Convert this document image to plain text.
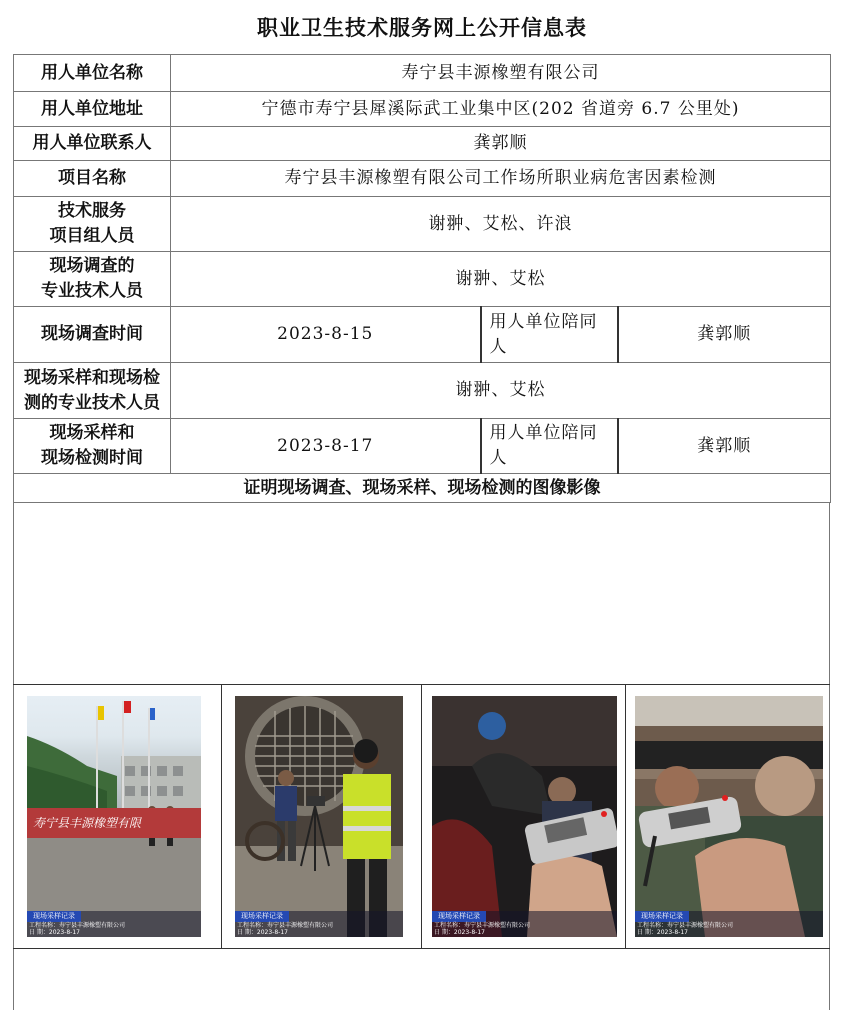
职业卫生技术服务网上公开信息表
用人单位名称	寿宁县丰源橡塑有限公司		
用人单位地址	宁德市寿宁县犀溪际武工业集中区(202 省道旁 6.7 公里处)		
用人单位联系人	龚郭顺		
项目名称	寿宁县丰源橡塑有限公司工作场所职业病危害因素检测		

技术服务
项目组人员	谢翀、艾松、许浪		

现场调查的
专业技术人员	谢翀、艾松		
现场调查时间	2023-8-15	用人单位陪同人	龚郭顺

现场采样和现场检
测的专业技术人员	谢翀、艾松		

现场采样和
现场检测时间	2023-8-17	用人单位陪同人	龚郭顺
证明现场调查、现场采样、现场检测的图像影像			
寿宁县丰源橡塑有限
现场采样记录
工程名称：寿宁县丰源橡塑有限公司
日 期：2023-8-17
现场采样记录
工程名称：寿宁县丰源橡塑有限公司
日 期：2023-8-17
现场采样记录
工程名称：寿宁县丰源橡塑有限公司
日 期：2023-8-17
现场采样记录
工程名称：寿宁县丰源橡塑有限公司
日 期：2023-8-17
